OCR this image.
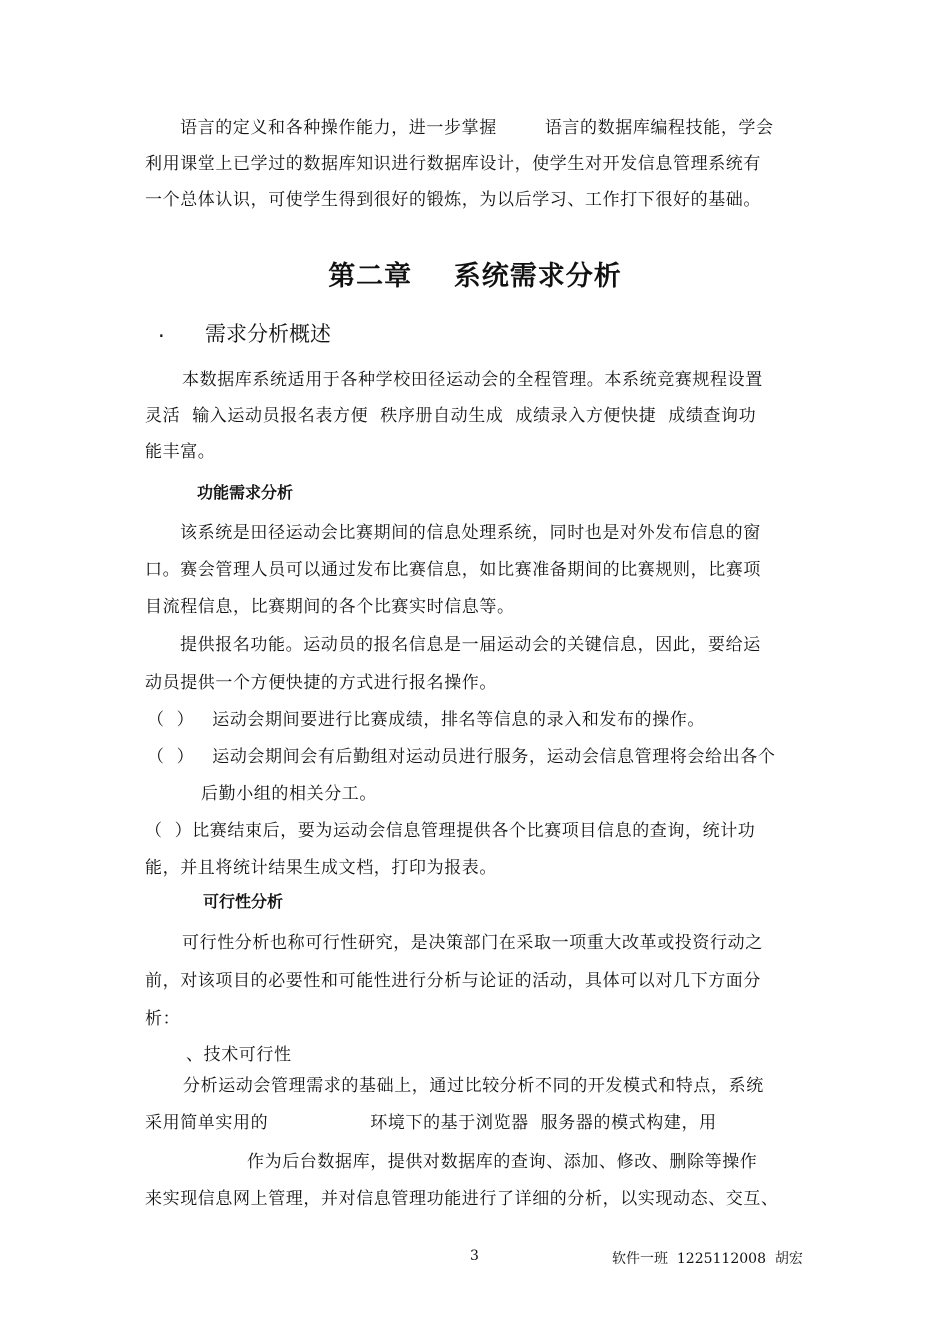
语言的定义和各种操作能力，进一步掌握        语言的数据库编程技能，学会
利用课堂上已学过的数据库知识进行数据库设计，使学生对开发信息管理系统有
一个总体认识，可使学生得到很好的锻炼，为以后学习、工作打下很好的基础。
第二章    系统需求分析
. 需求分析概述
本数据库系统适用于各种学校田径运动会的全程管理。本系统竞赛规程设置
灵活  输入运动员报名表方便  秩序册自动生成  成绩录入方便快捷  成绩查询功
能丰富。
功能需求分析
该系统是田径运动会比赛期间的信息处理系统，同时也是对外发布信息的窗
口。赛会管理人员可以通过发布比赛信息，如比赛准备期间的比赛规则，比赛项
目流程信息，比赛期间的各个比赛实时信息等。
提供报名功能。运动员的报名信息是一届运动会的关键信息，因此，要给运
动员提供一个方便快捷的方式进行报名操作。
（  ）   运动会期间要进行比赛成绩，排名等信息的录入和发布的操作。
（  ）   运动会期间会有后勤组对运动员进行服务，运动会信息管理将会给出各个
后勤小组的相关分工。
（  ）比赛结束后，要为运动会信息管理提供各个比赛项目信息的查询，统计功
能，并且将统计结果生成文档，打印为报表。
可行性分析
可行性分析也称可行性研究，是决策部门在采取一项重大改革或投资行动之
前，对该项目的必要性和可能性进行分析与论证的活动，具体可以对几下方面分
析：
、技术可行性
分析运动会管理需求的基础上，通过比较分析不同的开发模式和特点，系统
采用简单实用的                 环境下的基于浏览器  服务器的模式构建，用
作为后台数据库，提供对数据库的查询、添加、修改、删除等操作
来实现信息网上管理，并对信息管理功能进行了详细的分析，以实现动态、交互、
3	软件一班  1225112008  胡宏
